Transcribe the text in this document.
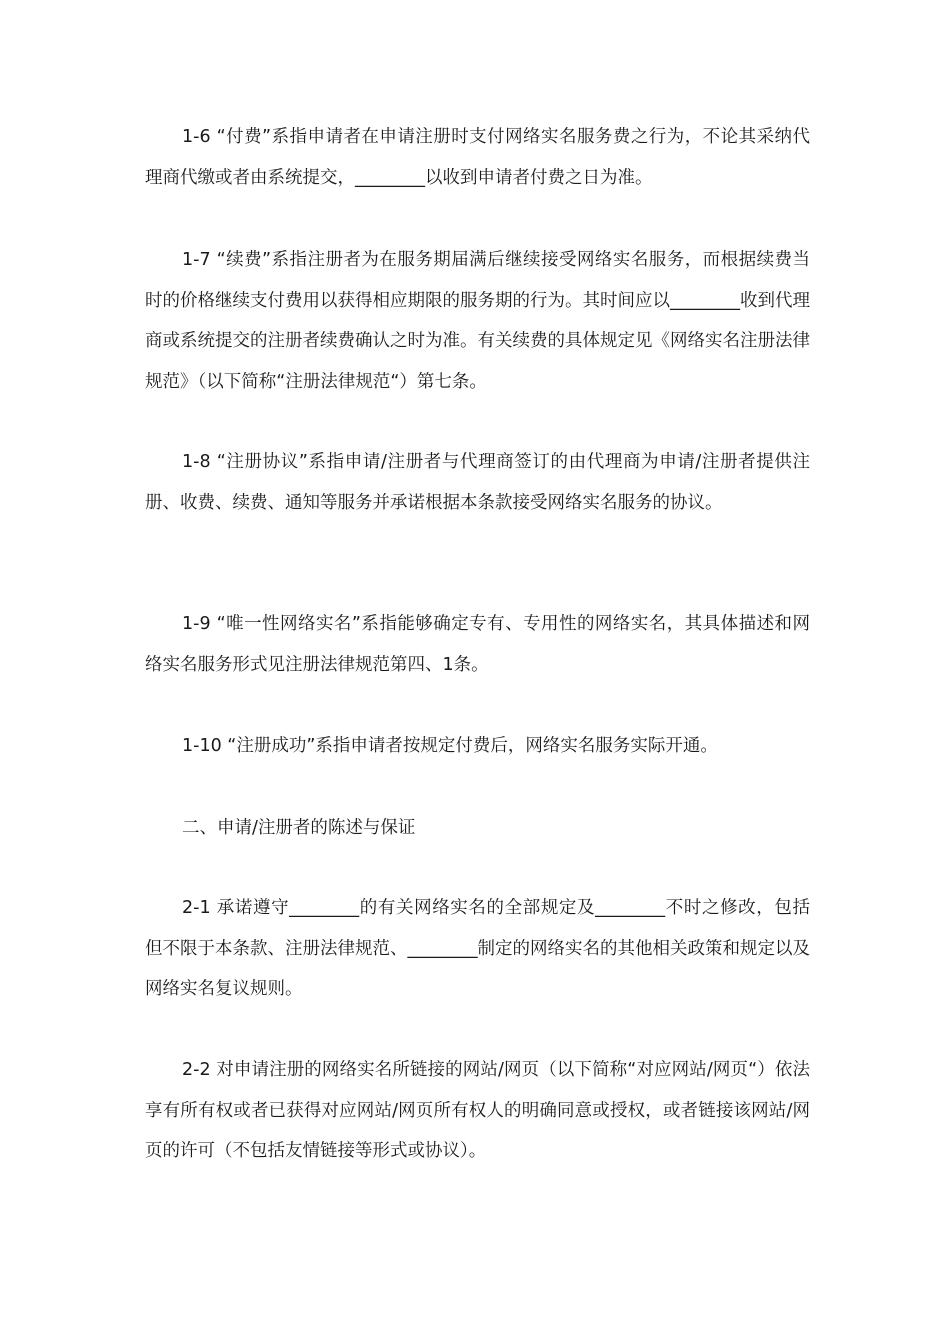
1-6 “付费”系指申请者在申请注册时支付网络实名服务费之行为，不论其采纳代理商代缴或者由系统提交，________以收到申请者付费之日为准。

1-7 “续费”系指注册者为在服务期届满后继续接受网络实名服务，而根据续费当时的价格继续支付费用以获得相应期限的服务期的行为。其时间应以________收到代理商或系统提交的注册者续费确认之时为准。有关续费的具体规定见《网络实名注册法律规范》（以下简称“注册法律规范“）第七条。

1-8 “注册协议”系指申请/注册者与代理商签订的由代理商为申请/注册者提供注册、收费、续费、通知等服务并承诺根据本条款接受网络实名服务的协议。

1-9 “唯一性网络实名”系指能够确定专有、专用性的网络实名，其具体描述和网络实名服务形式见注册法律规范第四、1条。

1-10 “注册成功”系指申请者按规定付费后，网络实名服务实际开通。

二、申请/注册者的陈述与保证

2-1 承诺遵守________的有关网络实名的全部规定及________不时之修改，包括但不限于本条款、注册法律规范、________制定的网络实名的其他相关政策和规定以及网络实名复议规则。

2-2 对申请注册的网络实名所链接的网站/网页（以下简称“对应网站/网页“）依法享有所有权或者已获得对应网站/网页所有权人的明确同意或授权，或者链接该网站/网页的许可（不包括友情链接等形式或协议）。
